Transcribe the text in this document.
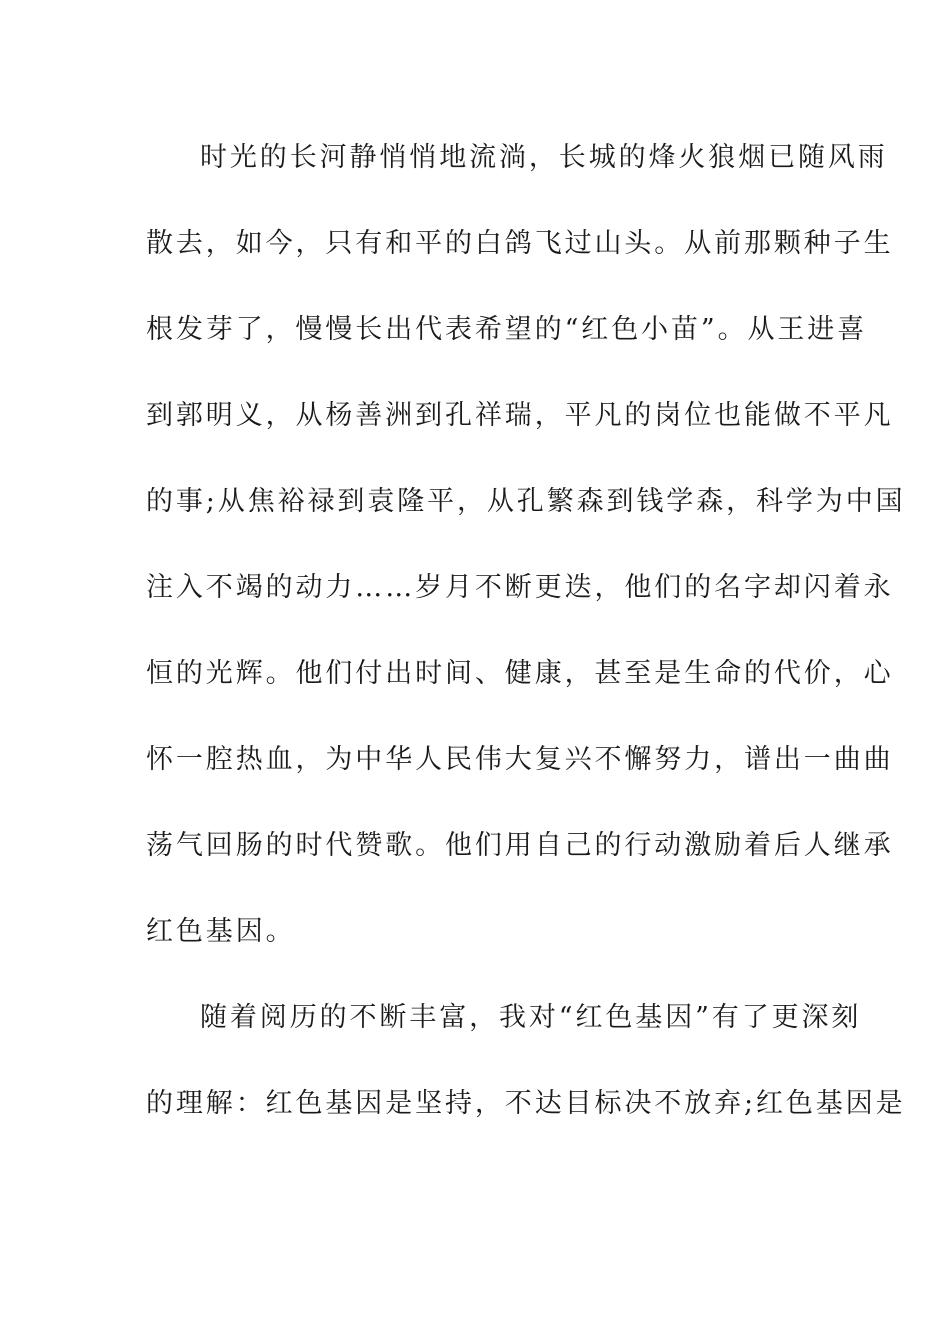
时光的长河静悄悄地流淌，长城的烽火狼烟已随风雨
散去，如今，只有和平的白鸽飞过山头。从前那颗种子生
根发芽了，慢慢长出代表希望的“红色小苗”。从王进喜
到郭明义，从杨善洲到孔祥瑞，平凡的岗位也能做不平凡
的事;从焦裕禄到袁隆平，从孔繁森到钱学森，科学为中国
注入不竭的动力……岁月不断更迭，他们的名字却闪着永
恒的光辉。他们付出时间、健康，甚至是生命的代价，心
怀一腔热血，为中华人民伟大复兴不懈努力，谱出一曲曲
荡气回肠的时代赞歌。他们用自己的行动激励着后人继承
红色基因。
随着阅历的不断丰富，我对“红色基因”有了更深刻
的理解：红色基因是坚持，不达目标决不放弃;红色基因是
